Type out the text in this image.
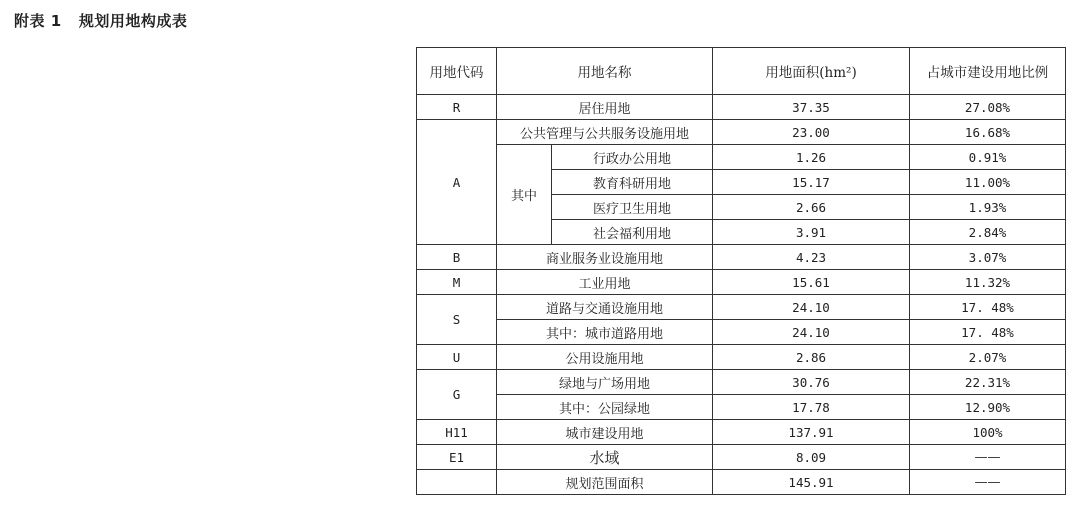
附表 1   规划用地构成表
用地代码	用地名称		用地面积(hm²)	占城市建设用地比例
R	居住用地		37.35	27.08%
A	公共管理与公共服务设施用地		23.00	16.68%
	其中	行政办公用地	1.26	0.91%
		教育科研用地	15.17	11.00%
		医疗卫生用地	2.66	1.93%
		社会福利用地	3.91	2.84%
B	商业服务业设施用地		4.23	3.07%
M	工业用地		15.61	11.32%
S	道路与交通设施用地		24.10	17. 48%
	其中：城市道路用地		24.10	17. 48%
U	公用设施用地		2.86	2.07%
G	绿地与广场用地		30.76	22.31%
	其中：公园绿地		17.78	12.90%
H11	城市建设用地		137.91	100%
E1	水域		8.09	——
	规划范围面积		145.91	——
